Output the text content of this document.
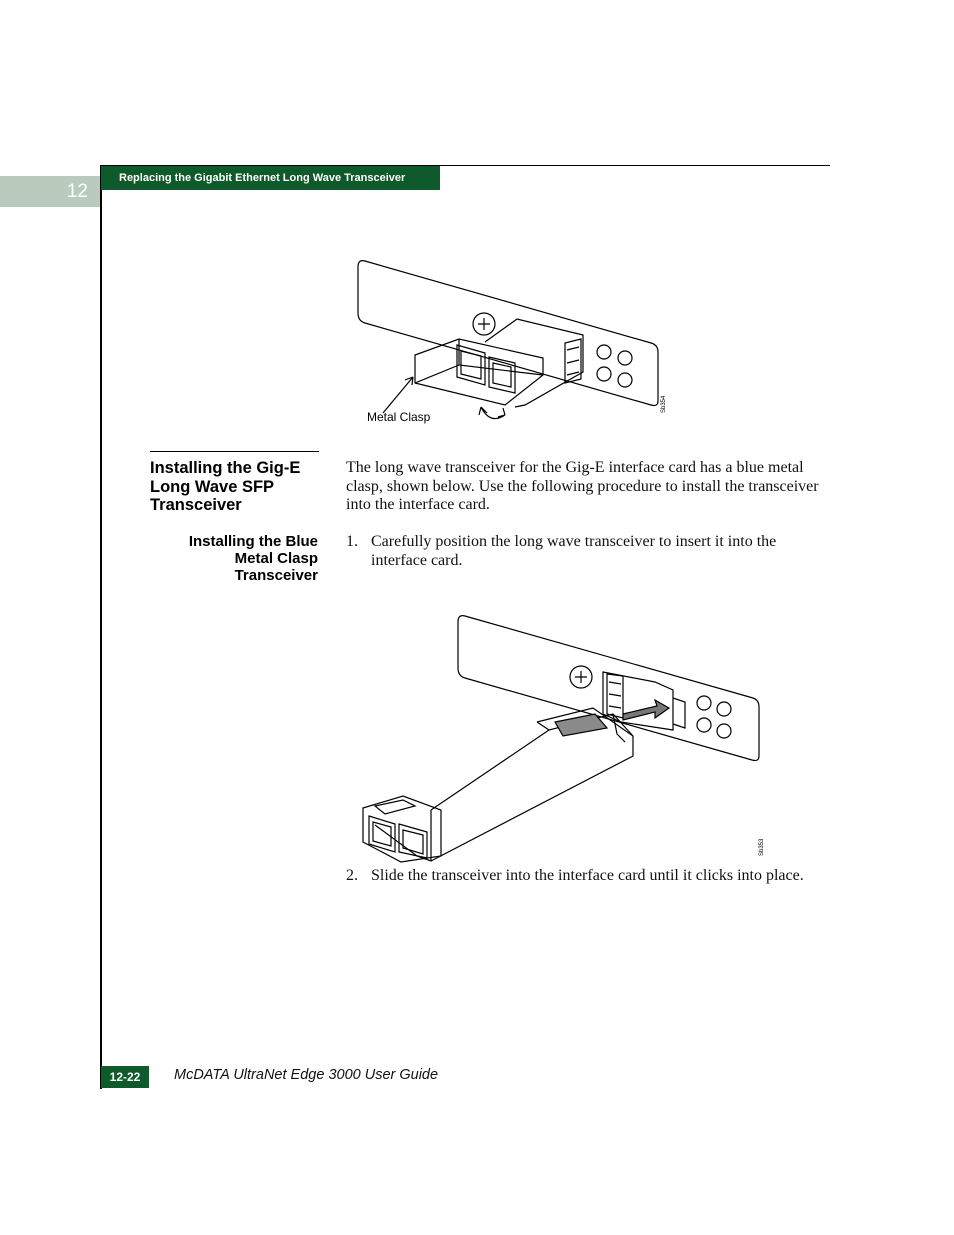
12
Replacing the Gigabit Ethernet Long Wave Transceiver
Metal Clasp
Sb354
Installing the Gig-E Long Wave SFP Transceiver
Installing the Blue Metal Clasp Transceiver
The long wave transceiver for the Gig-E interface card has a blue metal clasp, shown below. Use the following procedure to install the transceiver into the interface card.
1. Carefully position the long wave transceiver to insert it into the interface card.
Sb353
2. Slide the transceiver into the interface card until it clicks into place.
12-22	McDATA UltraNet Edge 3000 User Guide
